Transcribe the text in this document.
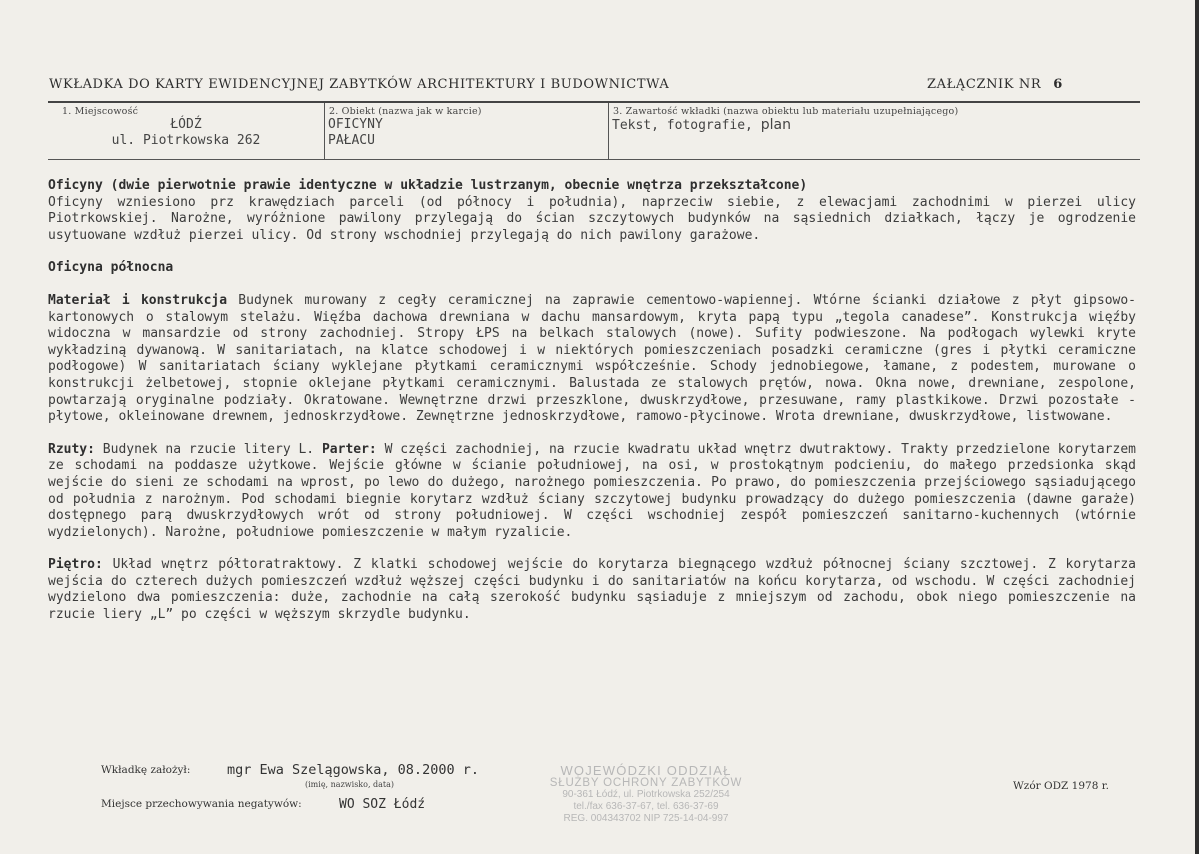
WKŁADKA DO KARTY EWIDENCYJNEJ ZABYTKÓW ARCHITEKTURY I BUDOWNICTWA	ZAŁĄCZNIK NR 6
1. Miejscowość
ŁÓDŹ
ul. Piotrkowska 262
2. Obiekt (nazwa jak w karcie)
OFICYNY
PAŁACU
3. Zawartość wkładki (nazwa obiektu lub materiału uzupełniającego)
Tekst, fotografie, plan

Oficyny (dwie pierwotnie prawie identyczne w układzie lustrzanym, obecnie wnętrza przekształcone)
Oficyny wzniesiono prz krawędziach parceli (od północy i południa), naprzeciw siebie, z elewacjami zachodnimi w pierzei ulicy Piotrkowskiej. Narożne, wyróżnione pawilony przylegają do ścian szczytowych budynków na sąsiednich działkach, łączy je ogrodzenie usytuowane wzdłuż pierzei ulicy. Od strony wschodniej przylegają do nich pawilony garażowe.

Oficyna północna

Materiał i konstrukcja Budynek murowany z cegły ceramicznej na zaprawie cementowo-wapiennej. Wtórne ścianki działowe z płyt gipsowo-kartonowych o stalowym stelażu. Więźba dachowa drewniana w dachu mansardowym, kryta papą typu „tegola canadese”. Konstrukcja więźby widoczna w mansardzie od strony zachodniej. Stropy ŁPS na belkach stalowych (nowe). Sufity podwieszone. Na podłogach wylewki kryte wykładziną dywanową. W sanitariatach, na klatce schodowej i w niektórych pomieszczeniach posadzki ceramiczne (gres i płytki ceramiczne podłogowe) W sanitariatach ściany wyklejane płytkami ceramicznymi współcześnie. Schody jednobiegowe, łamane, z podestem, murowane o konstrukcji żelbetowej, stopnie oklejane płytkami ceramicznymi. Balustada ze stalowych prętów, nowa. Okna nowe, drewniane, zespolone, powtarzają oryginalne podziały. Okratowane. Wewnętrzne drzwi przeszklone, dwuskrzydłowe, przesuwane, ramy plastkikowe. Drzwi pozostałe - płytowe, okleinowane drewnem, jednoskrzydłowe. Zewnętrzne jednoskrzydłowe, ramowo-płycinowe. Wrota drewniane, dwuskrzydłowe, listwowane.

Rzuty: Budynek na rzucie litery L. Parter: W części zachodniej, na rzucie kwadratu układ wnętrz dwutraktowy. Trakty przedzielone korytarzem ze schodami na poddasze użytkowe. Wejście główne w ścianie południowej, na osi, w prostokątnym podcieniu, do małego przedsionka skąd wejście do sieni ze schodami na wprost, po lewo do dużego, narożnego pomieszczenia. Po prawo, do pomieszczenia przejściowego sąsiadującego od południa z narożnym. Pod schodami biegnie korytarz wzdłuż ściany szczytowej budynku prowadzący do dużego pomieszczenia (dawne garaże) dostępnego parą dwuskrzydłowych wrót od strony południowej. W części wschodniej zespół pomieszczeń sanitarno-kuchennych (wtórnie wydzielonych). Narożne, południowe pomieszczenie w małym ryzalicie.

Piętro: Układ wnętrz półtoratraktowy. Z klatki schodowej wejście do korytarza biegnącego wzdłuż północnej ściany szcztowej. Z korytarza wejścia do czterech dużych pomieszczeń wzdłuż węższej części budynku i do sanitariatów na końcu korytarza, od wschodu. W części zachodniej wydzielono dwa pomieszczenia: duże, zachodnie na całą szerokość budynku sąsiaduje z mniejszym od zachodu, obok niego pomieszczenie na rzucie liery „L” po części w węższym skrzydle budynku.

Wkładkę założył:	mgr Ewa Szelągowska, 08.2000 r.
(imię, nazwisko, data)
Miejsce przechowywania negatywów:	WO SOZ Łódź
Wzór ODZ 1978 r.
WOJEWÓDZKI ODDZIAŁ
SŁUŻBY OCHRONY ZABYTKÓW
90-361 Łódź, ul. Piotrkowska 252/254
tel./fax 636-37-67, tel. 636-37-69
REG. 004343702 NIP 725-14-04-997
